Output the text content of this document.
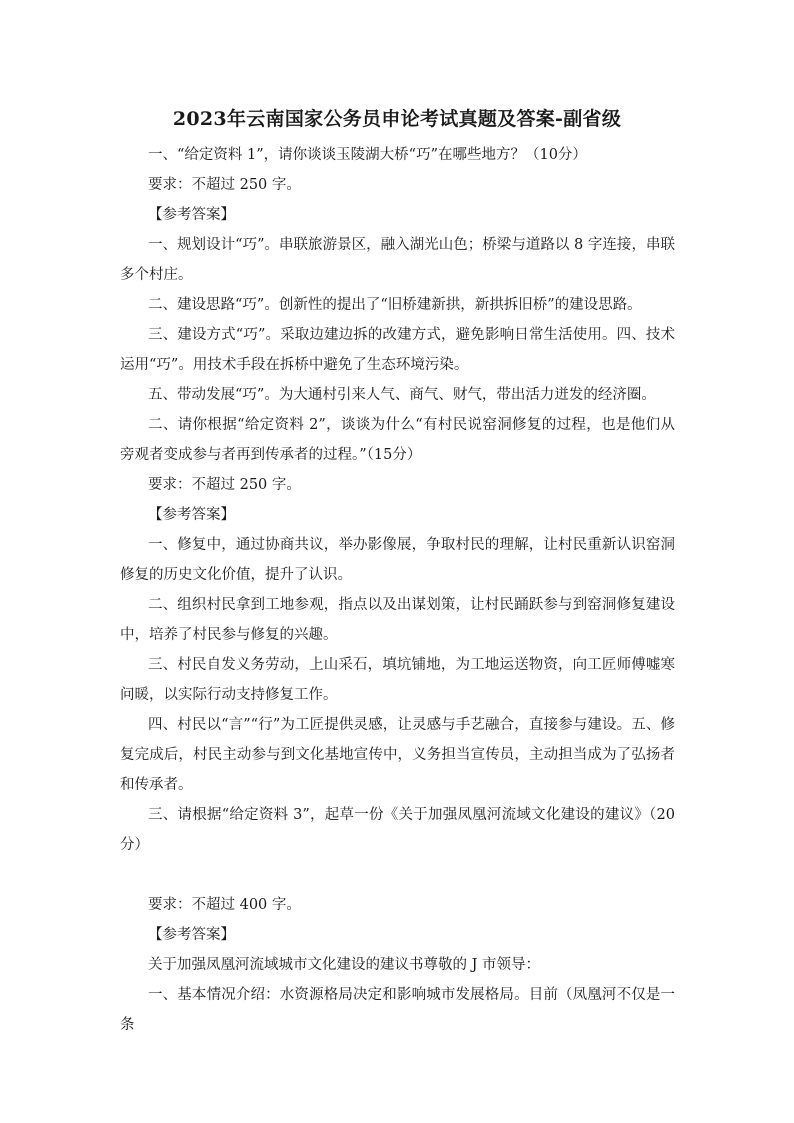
2023年云南国家公务员申论考试真题及答案-副省级

一、“给定资料 1”，请你谈谈玉陵湖大桥“巧”在哪些地方？（10分）

要求：不超过 250 字。

【参考答案】

一、规划设计“巧”。串联旅游景区，融入湖光山色；桥梁与道路以 8 字连接，串联多个村庄。

二、建设思路“巧”。创新性的提出了“旧桥建新拱，新拱拆旧桥”的建设思路。

三、建设方式“巧”。采取边建边拆的改建方式，避免影响日常生活使用。四、技术运用“巧”。用技术手段在拆桥中避免了生态环境污染。

五、带动发展“巧”。为大通村引来人气、商气、财气，带出活力迸发的经济圈。

二、请你根据“给定资料 2”，谈谈为什么“有村民说窑洞修复的过程，也是他们从旁观者变成参与者再到传承者的过程。”（15分）

要求：不超过 250 字。

【参考答案】

一、修复中，通过协商共议，举办影像展，争取村民的理解，让村民重新认识窑洞修复的历史文化价值，提升了认识。

二、组织村民拿到工地参观，指点以及出谋划策，让村民踊跃参与到窑洞修复建设中，培养了村民参与修复的兴趣。

三、村民自发义务劳动，上山采石，填坑铺地，为工地运送物资，向工匠师傅嘘寒问暖，以实际行动支持修复工作。

四、村民以“言”“行”为工匠提供灵感，让灵感与手艺融合，直接参与建设。五、修复完成后，村民主动参与到文化基地宣传中，义务担当宣传员，主动担当成为了弘扬者和传承者。

三、请根据“给定资料 3”，起草一份《关于加强凤凰河流域文化建设的建议》（20分）

要求：不超过 400 字。

【参考答案】

关于加强凤凰河流域城市文化建设的建议书尊敬的 J 市领导：

一、基本情况介绍：水资源格局决定和影响城市发展格局。目前（凤凰河不仅是一条
